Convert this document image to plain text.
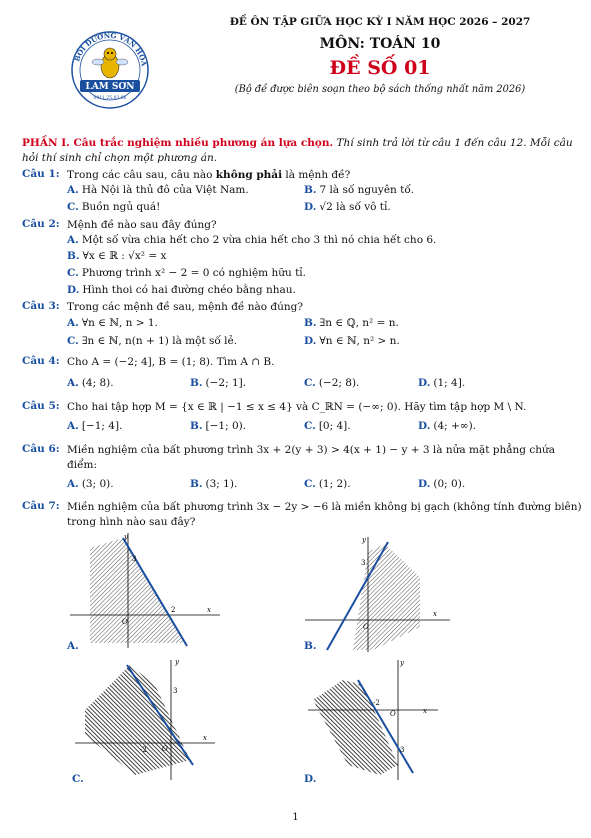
BỒI DƯỠNG VĂN HÓA
LAM SƠN
0911.25.03.66
ĐỀ ÔN TẬP GIỮA HỌC KỲ I NĂM HỌC 2026 – 2027
MÔN: TOÁN 10
ĐỀ SỐ 01
(Bộ đề được biên soạn theo bộ sách thống nhất năm 2026)
PHẦN I. Câu trắc nghiệm nhiều phương án lựa chọn. Thí sinh trả lời từ câu 1 đến câu 12. Mỗi câu hỏi thí sinh chỉ chọn một phương án.
Câu 1: Trong các câu sau, câu nào không phải là mệnh đề?
A. Hà Nội là thủ đô của Việt Nam.	B. 7 là số nguyên tố.
C. Buồn ngủ quá!	D. √2 là số vô tỉ.
Câu 2: Mệnh đề nào sau đây đúng?
A. Một số vừa chia hết cho 2 vừa chia hết cho 3 thì nó chia hết cho 6.
B. ∀x ∈ ℝ : √x² = x
C. Phương trình x² − 2 = 0 có nghiệm hữu tỉ.
D. Hình thoi có hai đường chéo bằng nhau.
Câu 3: Trong các mệnh đề sau, mệnh đề nào đúng?
A. ∀n ∈ ℕ, n > 1.	B. ∃n ∈ ℚ, n² = n.
C. ∃n ∈ ℕ, n(n + 1) là một số lẻ.	D. ∀n ∈ ℕ, n² > n.
Câu 4: Cho A = (−2; 4], B = (1; 8). Tìm A ∩ B.
A. (4; 8).	B. (−2; 1].	C. (−2; 8).	D. (1; 4].
Câu 5: Cho hai tập hợp M = {x ∈ ℝ | −1 ≤ x ≤ 4} và C_ℝN = (−∞; 0). Hãy tìm tập hợp M \ N.
A. [−1; 4].	B. [−1; 0).	C. [0; 4].	D. (4; +∞).
Câu 6: Miền nghiệm của bất phương trình 3x + 2(y + 3) > 4(x + 1) − y + 3 là nửa mặt phẳng chứa điểm:
A. (3; 0).	B. (3; 1).	C. (1; 2).	D. (0; 0).
Câu 7: Miền nghiệm của bất phương trình 3x − 2y > −6 là miền không bị gạch (không tính đường biên) trong hình nào sau đây?
x
y
O
3
2
A.
x
y
O
3
B.
x
y
O
3
-2
C.
x
y
O
-2
3
D.
1
